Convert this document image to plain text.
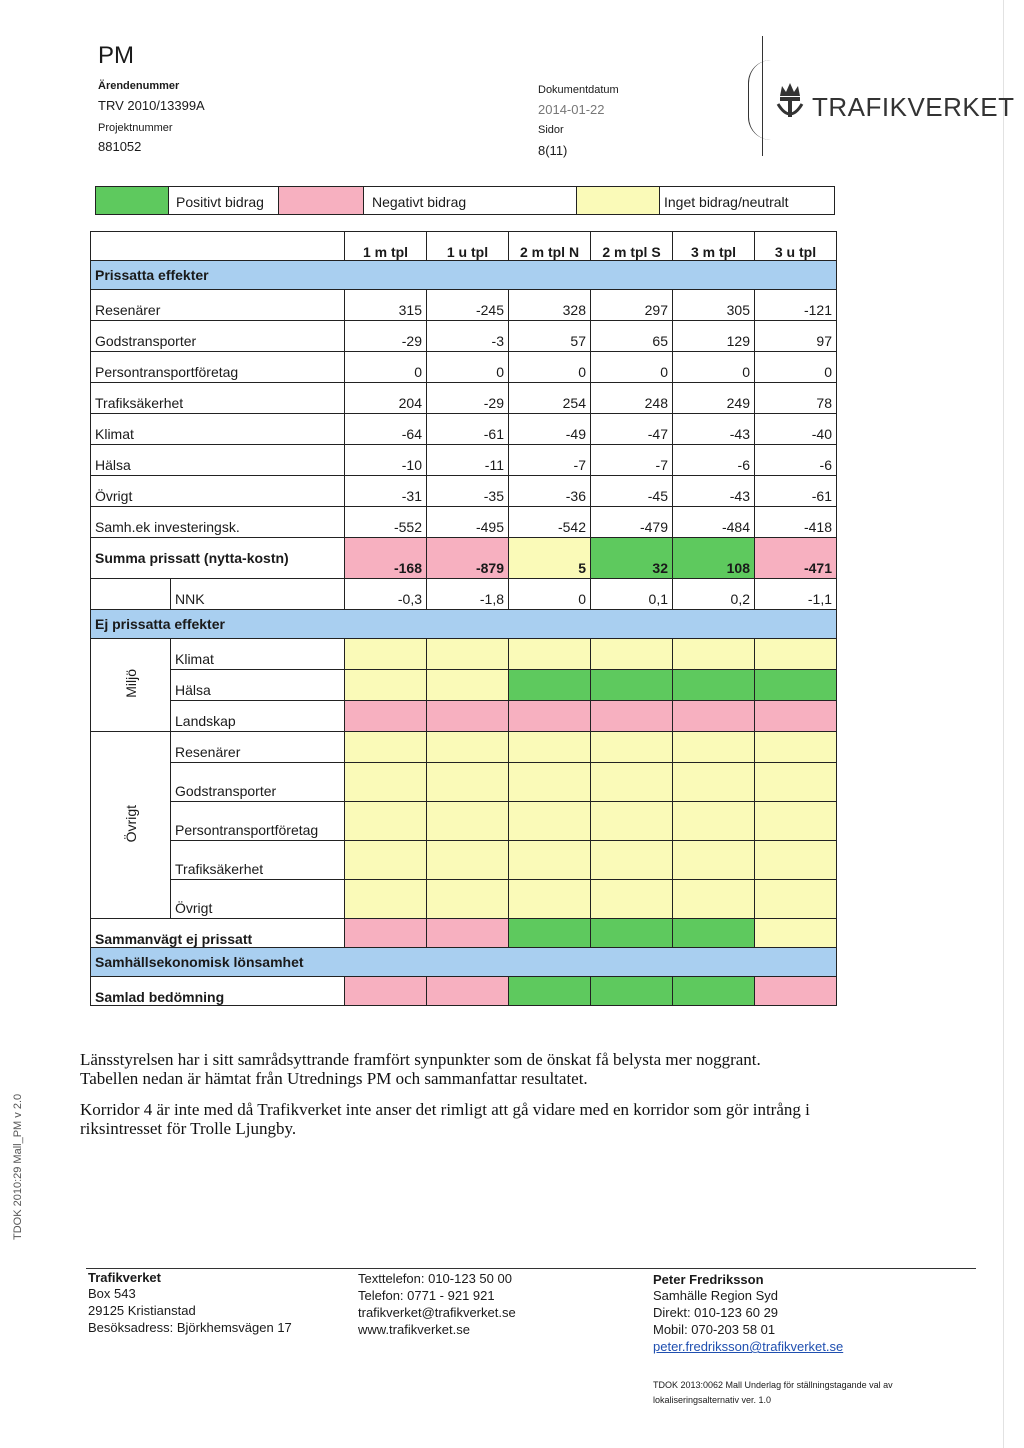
PM
Ärendenummer
TRV 2010/13399A
Projektnummer
881052
Dokumentdatum
2014-01-22
Sidor
8(11)
TRAFIKVERKET
Positivt bidrag	Negativt bidrag	Inget bidrag/neutralt
		1 m tpl	1 u tpl	2 m tpl N	2 m tpl S	3 m tpl	3 u tpl
Prissatta effekter							
Resenärer		315	-245	328	297	305	-121
Godstransporter		-29	-3	57	65	129	97
Persontransportföretag		0	0	0	0	0	0
Trafiksäkerhet		204	-29	254	248	249	78
Klimat		-64	-61	-49	-47	-43	-40
Hälsa		-10	-11	-7	-7	-6	-6
Övrigt		-31	-35	-36	-45	-43	-61
Samh.ek investeringsk.		-552	-495	-542	-479	-484	-418
Summa prissatt (nytta-kostn)		-168	-879	5	32	108	-471
	NNK	-0,3	-1,8	0	0,1	0,2	-1,1
Ej prissatta effekter							
Miljö	Klimat						
	Hälsa						
	Landskap						
Övrigt	Resenärer						
	Godstransporter						
	Persontransportföretag						
	Trafiksäkerhet						
	Övrigt						
Sammanvägt ej prissatt							
Samhällsekonomisk lönsamhet							
Samlad bedömning							
Länsstyrelsen har i sitt samrådsyttrande framfört synpunkter som de önskat få belysta mer noggrant.
Tabellen nedan är hämtat från Utrednings PM och sammanfattar resultatet.
Korridor 4 är inte med då Trafikverket inte anser det rimligt att gå vidare med en korridor som gör intrång i
riksintresset för Trolle Ljungby.
TDOK 2010:29 Mall_PM v 2.0
Trafikverket
Box 543
29125 Kristianstad
Besöksadress: Björkhemsvägen 17
Texttelefon: 010-123 50 00
Telefon: 0771 - 921 921
trafikverket@trafikverket.se
www.trafikverket.se
Peter Fredriksson
Samhälle Region Syd
Direkt: 010-123 60 29
Mobil: 070-203 58 01
peter.fredriksson@trafikverket.se
TDOK 2013:0062 Mall Underlag för ställningstagande val av
lokaliseringsalternativ ver. 1.0
